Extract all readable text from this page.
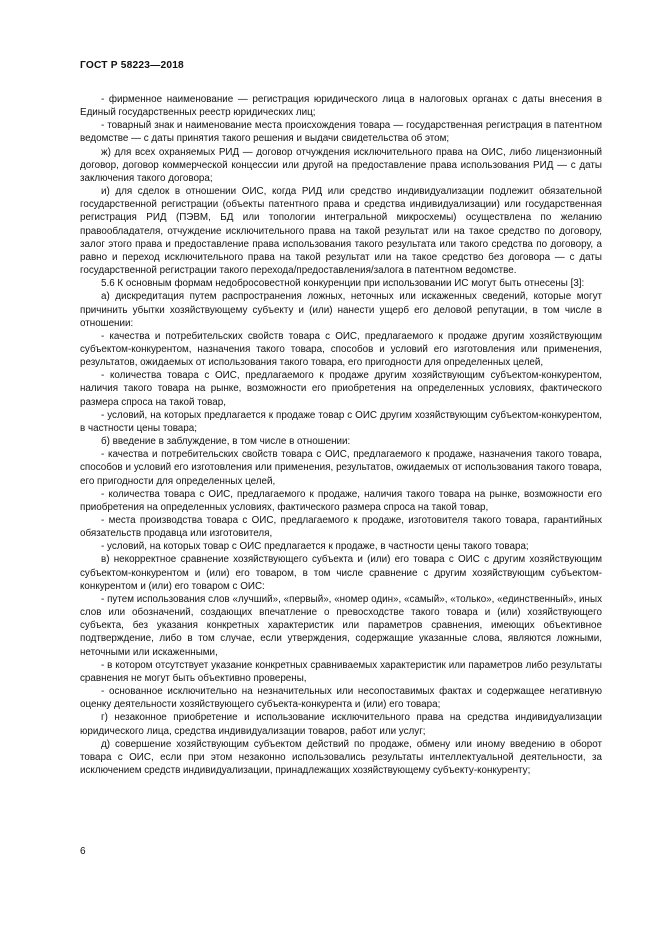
ГОСТ Р 58223—2018

- фирменное наименование — регистрация юридического лица в налоговых органах с даты внесения в Единый государственных реестр юридических лиц;

- товарный знак и наименование места происхождения товара — государственная регистрация в патентном ведомстве — с даты принятия такого решения и выдачи свидетельства об этом;

ж) для всех охраняемых РИД — договор отчуждения исключительного права на ОИС, либо лицензионный договор, договор коммерческой концессии или другой на предоставление права использования РИД — с даты заключения такого договора;

и) для сделок в отношении ОИС, когда РИД или средство индивидуализации подлежит обязательной государственной регистрации (объекты патентного права и средства индивидуализации) или государственная регистрация РИД (ПЭВМ, БД или топологии интегральной микросхемы) осуществлена по желанию правообладателя, отчуждение исключительного права на такой результат или на такое средство по договору, залог этого права и предоставление права использования такого результата или такого средства по договору, а равно и переход исключительного права на такой результат или на такое средство без договора — с даты государственной регистрации такого перехода/предоставления/залога в патентном ведомстве.

5.6 К основным формам недобросовестной конкуренции при использовании ИС могут быть отнесены [3]:

а) дискредитация путем распространения ложных, неточных или искаженных сведений, которые могут причинить убытки хозяйствующему субъекту и (или) нанести ущерб его деловой репутации, в том числе в отношении:

- качества и потребительских свойств товара с ОИС, предлагаемого к продаже другим хозяйствующим субъектом-конкурентом, назначения такого товара, способов и условий его изготовления или применения, результатов, ожидаемых от использования такого товара, его пригодности для определенных целей,

- количества товара с ОИС, предлагаемого к продаже другим хозяйствующим субъектом-конкурентом, наличия такого товара на рынке, возможности его приобретения на определенных условиях, фактического размера спроса на такой товар,

- условий, на которых предлагается к продаже товар с ОИС другим хозяйствующим субъектом-конкурентом, в частности цены товара;

б) введение в заблуждение, в том числе в отношении:

- качества и потребительских свойств товара с ОИС, предлагаемого к продаже, назначения такого товара, способов и условий его изготовления или применения, результатов, ожидаемых от использования такого товара, его пригодности для определенных целей,

- количества товара с ОИС, предлагаемого к продаже, наличия такого товара на рынке, возможности его приобретения на определенных условиях, фактического размера спроса на такой товар,

- места производства товара с ОИС, предлагаемого к продаже, изготовителя такого товара, гарантийных обязательств продавца или изготовителя,

- условий, на которых товар с ОИС предлагается к продаже, в частности цены такого товара;

в) некорректное сравнение хозяйствующего субъекта и (или) его товара с ОИС с другим хозяйствующим субъектом-конкурентом и (или) его товаром, в том числе сравнение с другим хозяйствующим субъектом-конкурентом и (или) его товаром с ОИС:

- путем использования слов «лучший», «первый», «номер один», «самый», «только», «единственный», иных слов или обозначений, создающих впечатление о превосходстве такого товара и (или) хозяйствующего субъекта, без указания конкретных характеристик или параметров сравнения, имеющих объективное подтверждение, либо в том случае, если утверждения, содержащие указанные слова, являются ложными, неточными или искаженными,

- в котором отсутствует указание конкретных сравниваемых характеристик или параметров либо результаты сравнения не могут быть объективно проверены,

- основанное исключительно на незначительных или несопоставимых фактах и содержащее негативную оценку деятельности хозяйствующего субъекта-конкурента и (или) его товара;

г) незаконное приобретение и использование исключительного права на средства индивидуализации юридического лица, средства индивидуализации товаров, работ или услуг;

д) совершение хозяйствующим субъектом действий по продаже, обмену или иному введению в оборот товара с ОИС, если при этом незаконно использовались результаты интеллектуальной деятельности, за исключением средств индивидуализации, принадлежащих хозяйствующему субъекту-конкуренту;

6
